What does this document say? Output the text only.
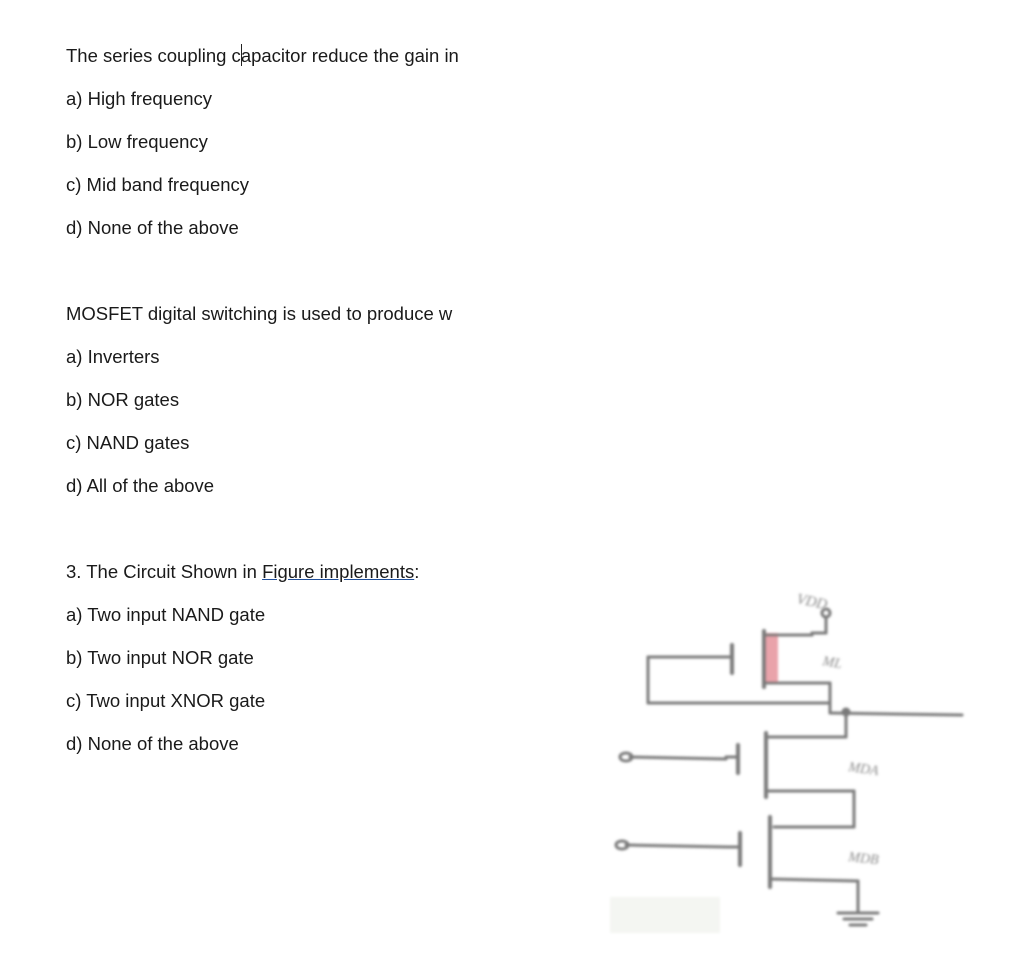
The series coupling capacitor reduce the gain in
a) High frequency
b) Low frequency
c) Mid band frequency
d) None of the above
MOSFET digital switching is used to produce w
a) Inverters
b) NOR gates
c) NAND gates
d) All of the above
3. The Circuit Shown in Figure implements:
a) Two input NAND gate
b) Two input NOR gate
c) Two input XNOR gate
d) None of the above
VDD
ML
MDA
MDB
